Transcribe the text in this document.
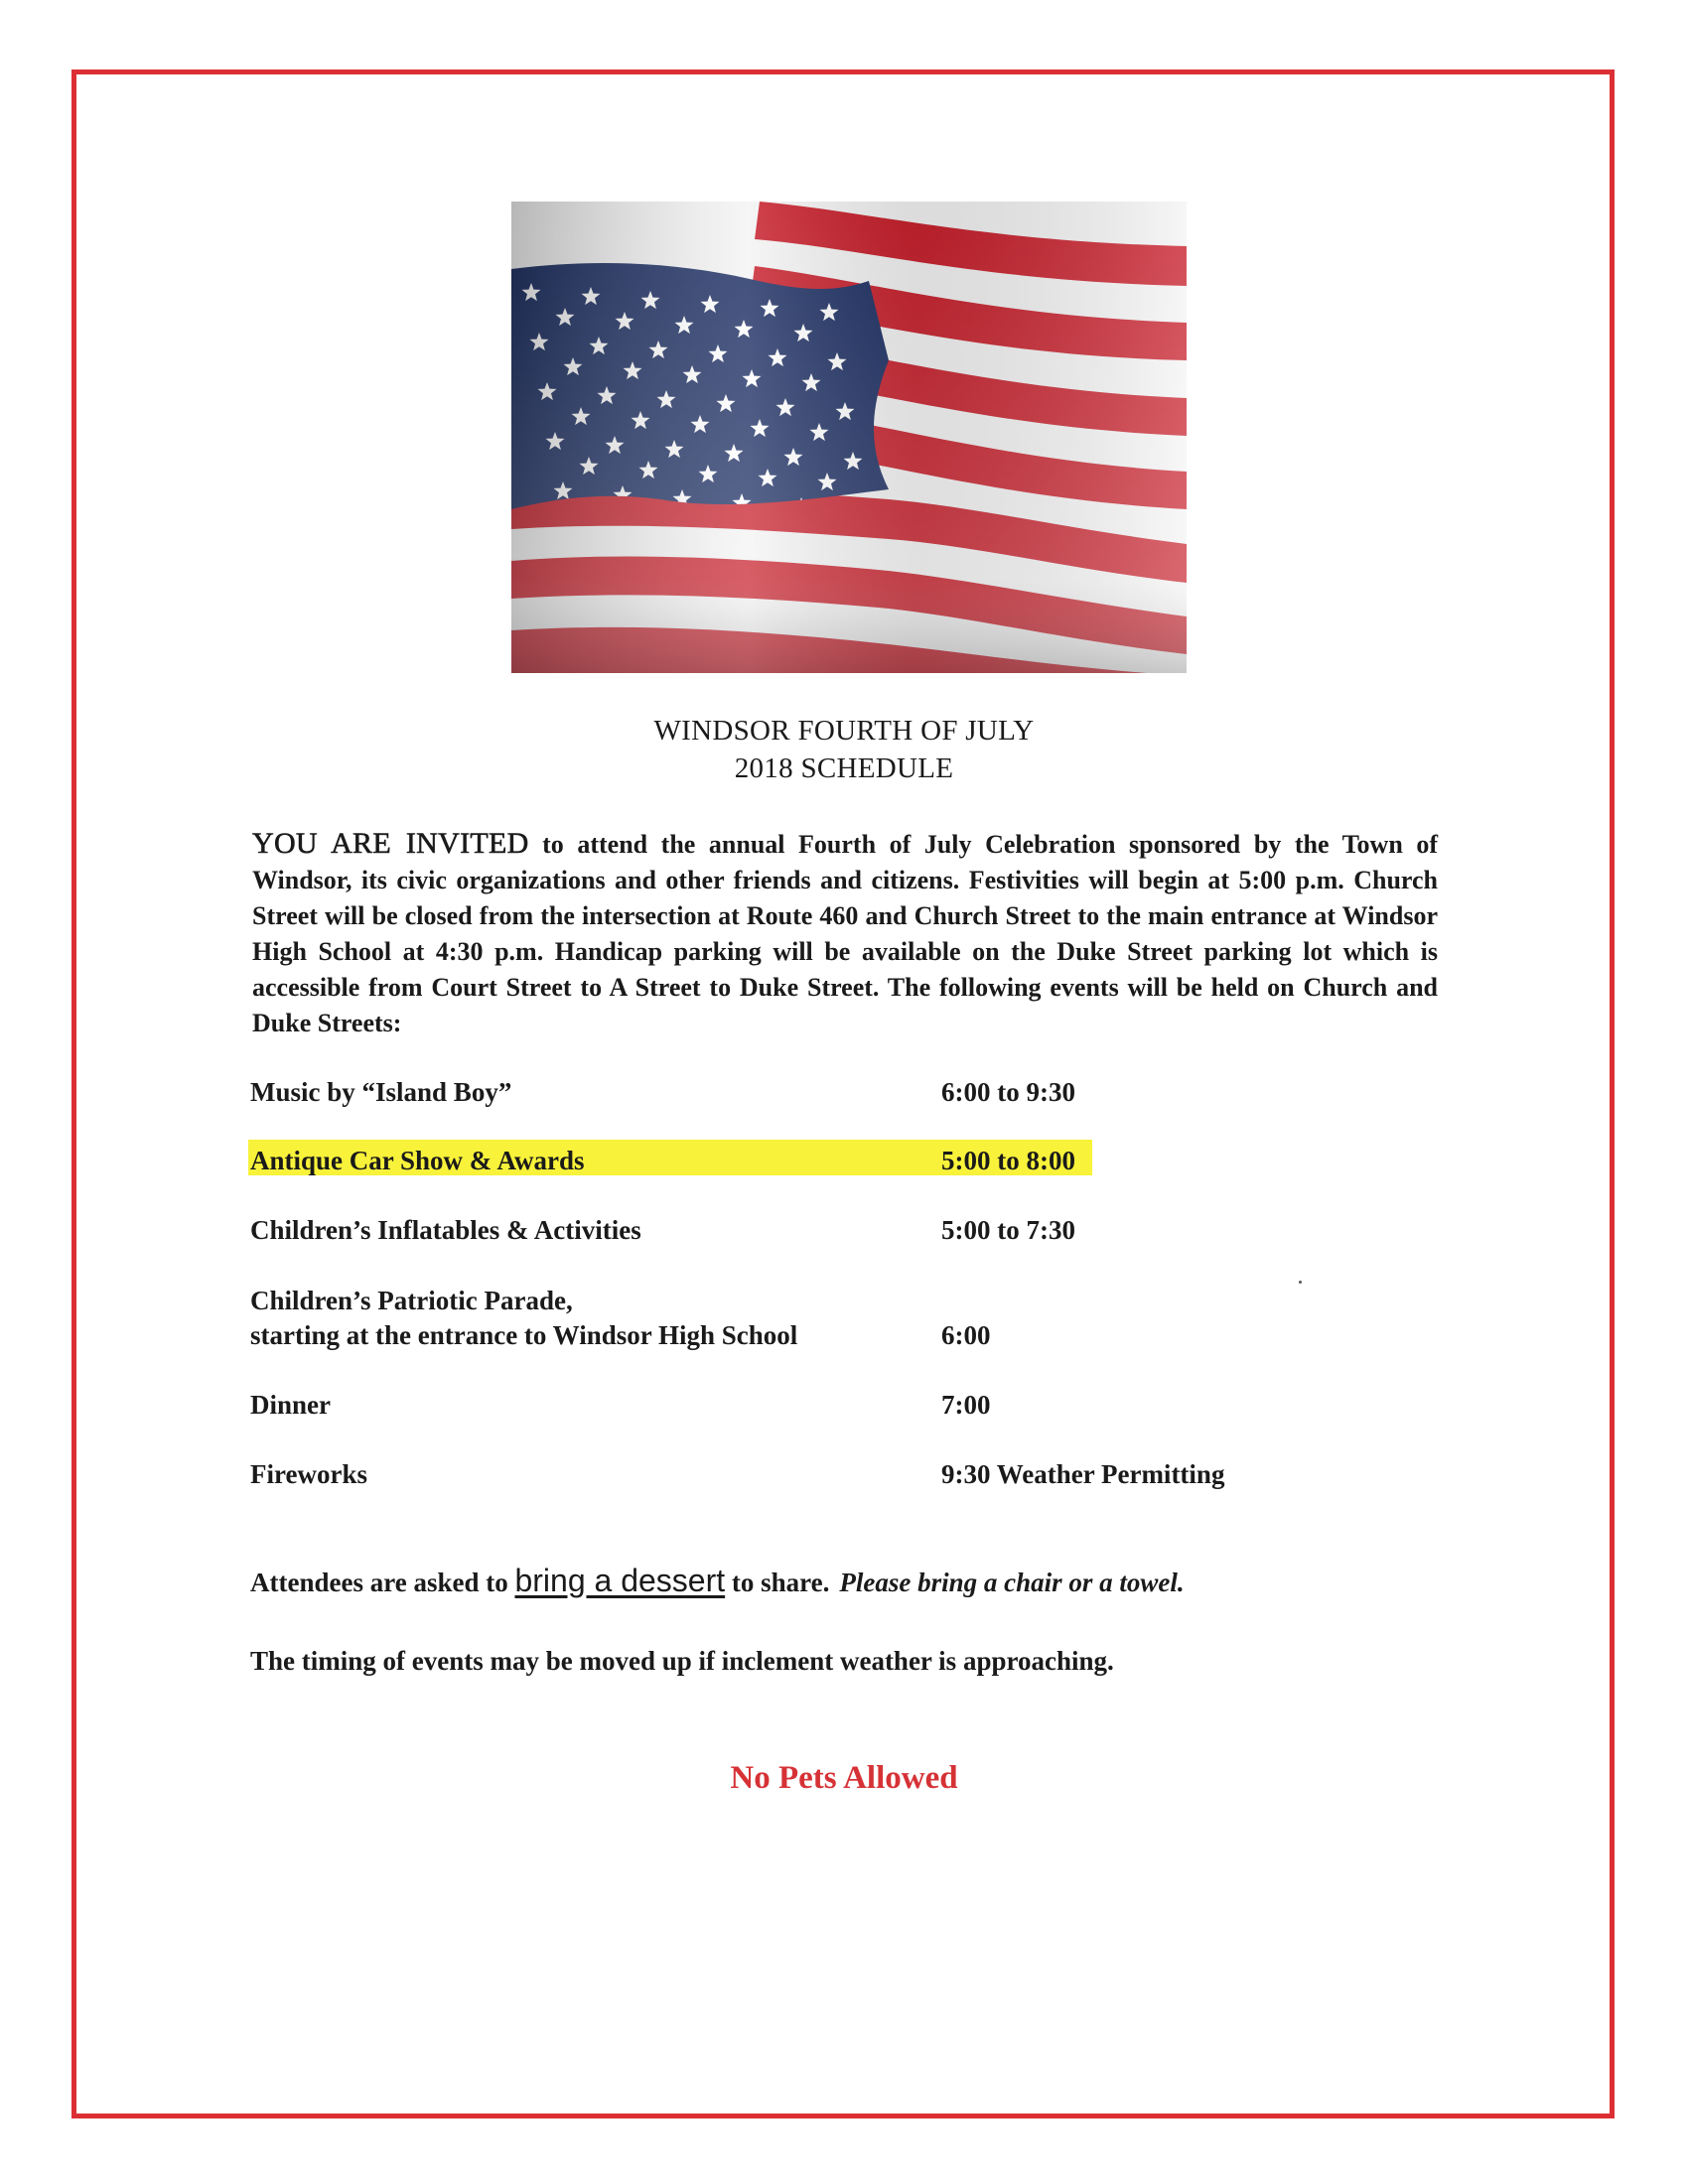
WINDSOR FOURTH OF JULY
2018 SCHEDULE
YOU ARE INVITED to attend the annual Fourth of July Celebration sponsored by the Town of Windsor, its civic organizations and other friends and citizens. Festivities will begin at 5:00 p.m. Church Street will be closed from the intersection at Route 460 and Church Street to the main entrance at Windsor High School at 4:30 p.m. Handicap parking will be available on the Duke Street parking lot which is accessible from Court Street to A Street to Duke Street. The following events will be held on Church and Duke Streets:
Music by “Island Boy”	6:00 to 9:30
Antique Car Show & Awards	5:00 to 8:00
Children’s Inflatables & Activities	5:00 to 7:30
Children’s Patriotic Parade,
starting at the entrance to Windsor High School	6:00
Dinner	7:00
Fireworks	9:30 Weather Permitting
Attendees are asked to bring a dessert to share. Please bring a chair or a towel.
The timing of events may be moved up if inclement weather is approaching.
No Pets Allowed
